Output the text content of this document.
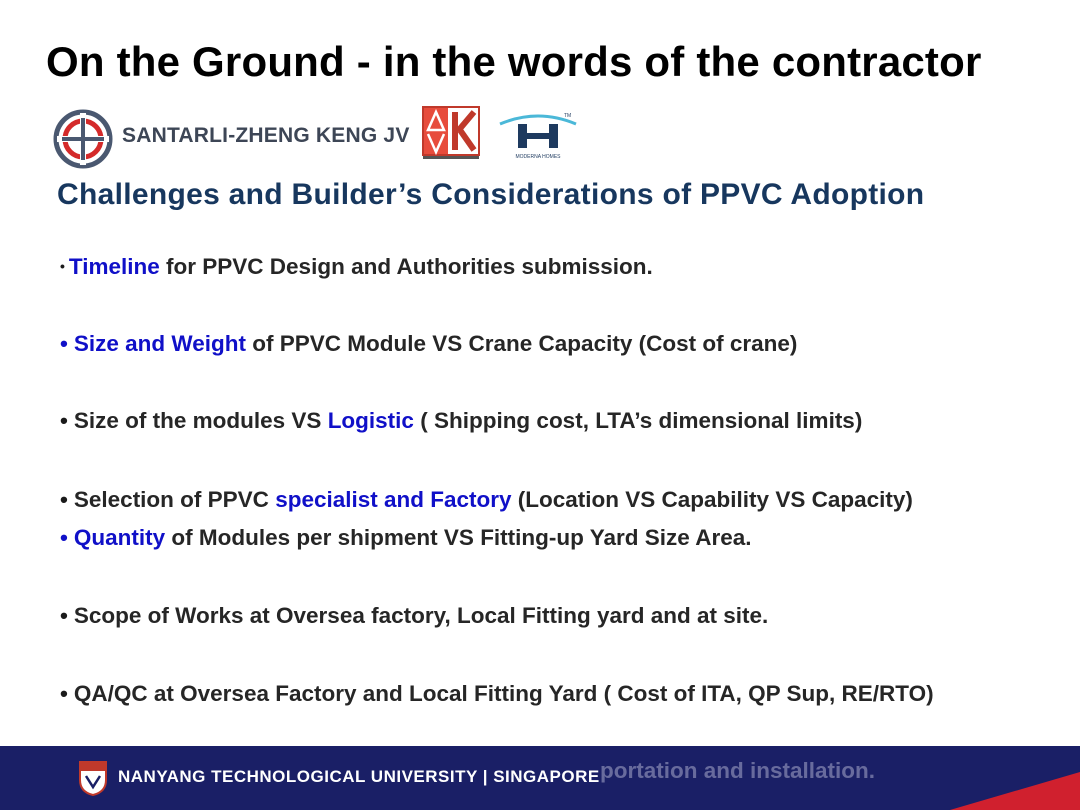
On the Ground - in the words of the contractor
SANTARLI-ZHENG KENG JV
TM
MODERNA HOMES
Challenges and Builder’s Considerations of PPVC Adoption
• Timeline for PPVC Design and Authorities submission.
• Size and Weight of PPVC Module VS Crane Capacity (Cost of crane)
• Size of the modules VS Logistic ( Shipping cost, LTA’s dimensional limits)
• Selection of PPVC specialist and Factory (Location VS Capability VS Capacity)
• Quantity of Modules per shipment VS Fitting-up Yard Size Area.
• Scope of Works at Oversea factory, Local Fitting yard and at site.
• QA/QC at Oversea Factory and Local Fitting Yard ( Cost of ITA, QP Sup, RE/RTO)
NANYANG TECHNOLOGICAL UNIVERSITY | SINGAPORE portation and installation.
